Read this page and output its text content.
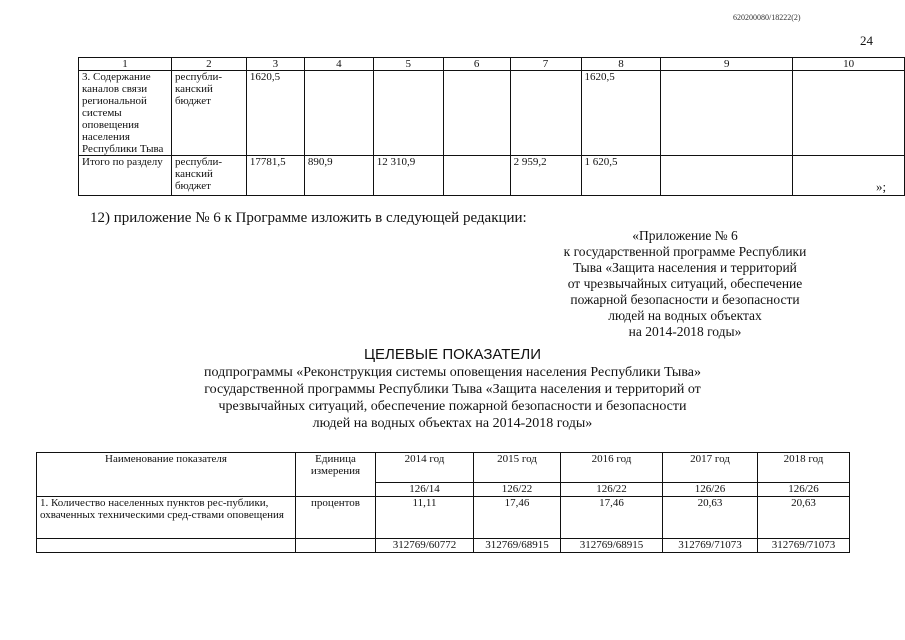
620200080/18222(2)
24
1	2	3	4	5	6	7	8	9	10
3. Содержание каналов связи региональной системы оповещения населения Республики Тыва	республи-канский бюджет	1620,5					1620,5		
Итого по разделу	республи-канский бюджет	17781,5	890,9	12 310,9		2 959,2	1 620,5		
»;
12) приложение № 6 к Программе изложить в следующей редакции:
«Приложение № 6
к государственной программе Республики
Тыва «Защита населения и территорий
от чрезвычайных ситуаций, обеспечение
пожарной безопасности и безопасности
людей на водных объектах
на 2014-2018 годы»
ЦЕЛЕВЫЕ ПОКАЗАТЕЛИ
подпрограммы «Реконструкция системы оповещения населения Республики Тыва»
государственной программы Республики Тыва «Защита населения и территорий от
чрезвычайных ситуаций, обеспечение пожарной безопасности и безопасности
людей на водных объектах на 2014-2018 годы»
Наименование показателя	Единица измерения	2014 год	2015 год	2016 год	2017 год	2018 год
		126/14	126/22	126/22	126/26	126/26
1. Количество населенных пунктов рес-публики, охваченных техническими сред-ствами оповещения	процентов	11,11	17,46	17,46	20,63	20,63
		312769/60772	312769/68915	312769/68915	312769/71073	312769/71073
